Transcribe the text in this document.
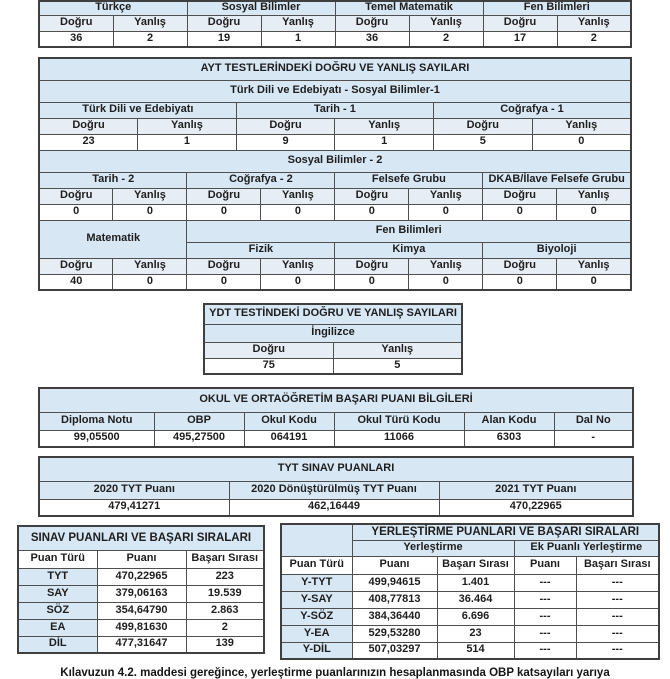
Türkçe		Sosyal Bilimler		Temel Matematik		Fen Bilimleri	
Doğru	Yanlış	Doğru	Yanlış	Doğru	Yanlış	Doğru	Yanlış
36	2	19	1	36	2	17	2
AYT TESTLERİNDEKİ DOĞRU VE YANLIŞ SAYILARI											
Türk Dili ve Edebiyatı - Sosyal Bilimler-1											
Türk Dili ve Edebiyatı				Tarih - 1				Coğrafya - 1			
Doğru		Yanlış		Doğru		Yanlış		Doğru		Yanlış	
23		1		9		1		5		0	
Sosyal Bilimler - 2											
Tarih - 2			Coğrafya - 2			Felsefe Grubu			DKAB/İlave Felsefe Grubu		
Doğru	Yanlış		Doğru		Yanlış	Doğru	Yanlış		Doğru		Yanlış
0	0		0		0	0	0		0		0
Matematik			Fen Bilimleri								
			Fizik			Kimya			Biyoloji		
Doğru	Yanlış		Doğru		Yanlış	Doğru	Yanlış		Doğru		Yanlış
40	0		0		0	0	0		0		0
YDT TESTİNDEKİ DOĞRU VE YANLIŞ SAYILARI	
İngilizce	
Doğru	Yanlış
75	5
OKUL VE ORTAÖĞRETİM BAŞARI PUANI BİLGİLERİ					
Diploma Notu	OBP	Okul Kodu	Okul Türü Kodu	Alan Kodu	Dal No
99,05500	495,27500	064191	11066	6303	-
TYT SINAV PUANLARI		
2020 TYT Puanı	2020 Dönüştürülmüş TYT Puanı	2021 TYT Puanı
479,41271	462,16449	470,22965
SINAV PUANLARI VE BAŞARI SIRALARI		
Puan Türü	Puanı	Başarı Sırası
TYT	470,22965	223
SAY	379,06163	19.539
SÖZ	354,64790	2.863
EA	499,81630	2
DİL	477,31647	139
	YERLEŞTİRME PUANLARI VE BAŞARI SIRALARI			
	Yerleştirme		Ek Puanlı Yerleştirme	
Puan Türü	Puanı	Başarı Sırası	Puanı	Başarı Sırası
Y-TYT	499,94615	1.401	---	---
Y-SAY	408,77813	36.464	---	---
Y-SÖZ	384,36440	6.696	---	---
Y-EA	529,53280	23	---	---
Y-DİL	507,03297	514	---	---
Kılavuzun 4.2. maddesi gereğince, yerleştirme puanlarınızın hesaplanmasında OBP katsayıları yarıya
